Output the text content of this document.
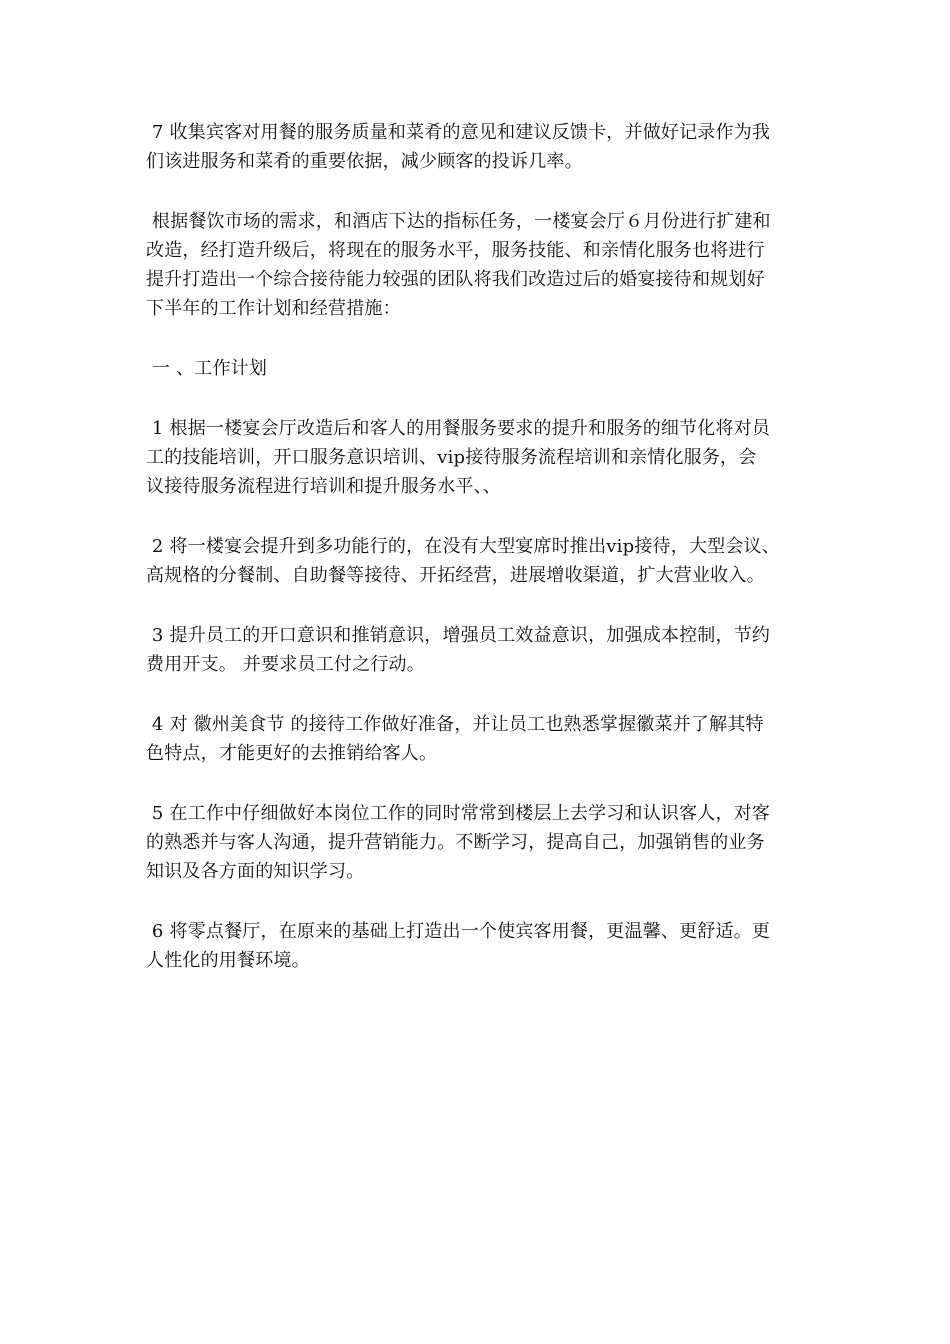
7 收集宾客对用餐的服务质量和菜肴的意见和建议反馈卡，并做好记录作为我
们该进服务和菜肴的重要依据，减少顾客的投诉几率。
根据餐饮市场的需求，和酒店下达的指标任务，一楼宴会厅６月份进行扩建和
改造，经打造升级后，将现在的服务水平，服务技能、和亲情化服务也将进行
提升打造出一个综合接待能力较强的团队将我们改造过后的婚宴接待和规划好
下半年的工作计划和经营措施：
一 、工作计划
1 根据一楼宴会厅改造后和客人的用餐服务要求的提升和服务的细节化将对员
工的技能培训，开口服务意识培训、vip接待服务流程培训和亲情化服务，会
议接待服务流程进行培训和提升服务水平、、
2 将一楼宴会提升到多功能行的，在没有大型宴席时推出vip接待，大型会议、
高规格的分餐制、自助餐等接待、开拓经营，进展增收渠道，扩大营业收入。
3 提升员工的开口意识和推销意识，增强员工效益意识，加强成本控制，节约
费用开支。 并要求员工付之行动。
4 对 徽州美食节 的接待工作做好准备，并让员工也熟悉掌握徽菜并了解其特
色特点，才能更好的去推销给客人。
5 在工作中仔细做好本岗位工作的同时常常到楼层上去学习和认识客人，对客
的熟悉并与客人沟通，提升营销能力。不断学习，提高自己，加强销售的业务
知识及各方面的知识学习。
6 将零点餐厅，在原来的基础上打造出一个使宾客用餐，更温馨、更舒适。更
人性化的用餐环境。
